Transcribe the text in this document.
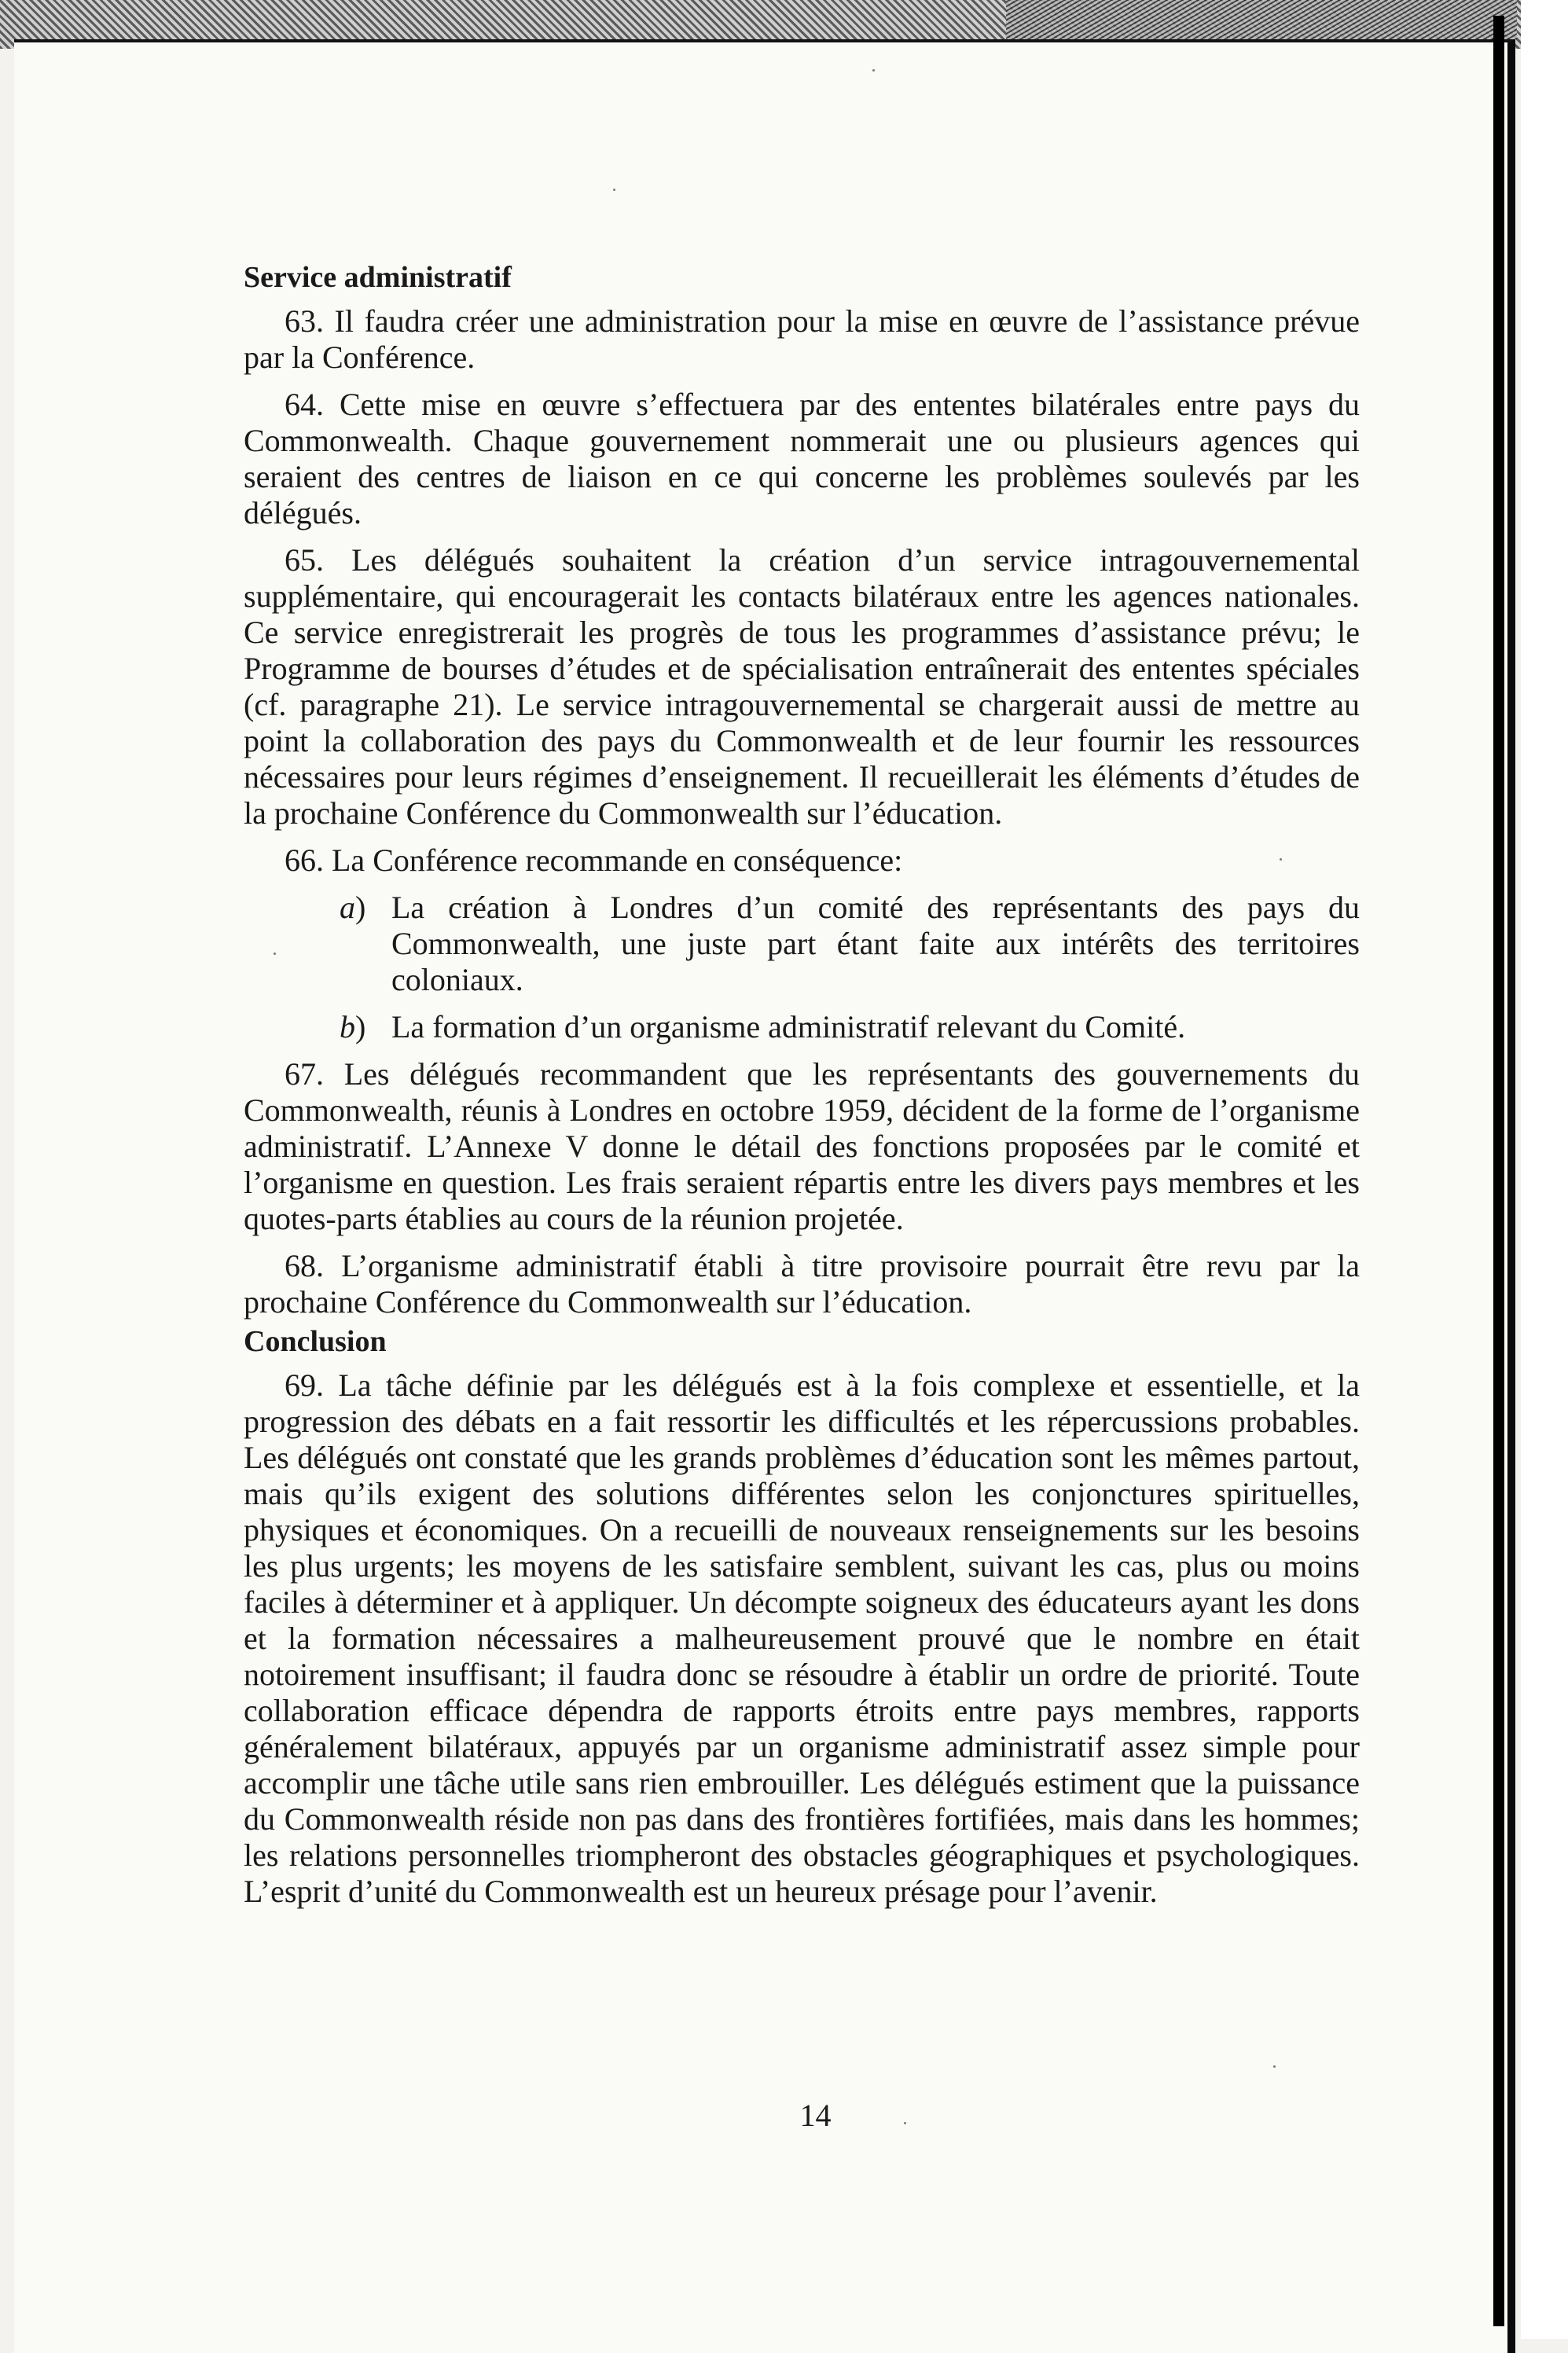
Service administratif

63. Il faudra créer une administration pour la mise en œuvre de l’assistance prévue par la Conférence.

64. Cette mise en œuvre s’effectuera par des ententes bilatérales entre pays du Commonwealth. Chaque gouvernement nommerait une ou plusieurs agences qui seraient des centres de liaison en ce qui concerne les problèmes soulevés par les délégués.

65. Les délégués souhaitent la création d’un service intragouvernemental supplémentaire, qui encouragerait les contacts bilatéraux entre les agences nationales. Ce service enregistrerait les progrès de tous les programmes d’assistance prévu; le Programme de bourses d’études et de spécialisation entraînerait des ententes spéciales (cf. paragraphe 21). Le service intragouvernemental se chargerait aussi de mettre au point la collaboration des pays du Commonwealth et de leur fournir les ressources nécessaires pour leurs régimes d’enseignement. Il recueillerait les éléments d’études de la prochaine Conférence du Commonwealth sur l’éducation.

66. La Conférence recommande en conséquence:

a) La création à Londres d’un comité des représentants des pays du Commonwealth, une juste part étant faite aux intérêts des territoires coloniaux.
b) La formation d’un organisme administratif relevant du Comité.

67. Les délégués recommandent que les représentants des gouvernements du Commonwealth, réunis à Londres en octobre 1959, décident de la forme de l’organisme administratif. L’Annexe V donne le détail des fonctions proposées par le comité et l’organisme en question. Les frais seraient répartis entre les divers pays membres et les quotes-parts établies au cours de la réunion projetée.

68. L’organisme administratif établi à titre provisoire pourrait être revu par la prochaine Conférence du Commonwealth sur l’éducation.

Conclusion

69. La tâche définie par les délégués est à la fois complexe et essentielle, et la progression des débats en a fait ressortir les difficultés et les répercussions probables. Les délégués ont constaté que les grands problèmes d’éducation sont les mêmes partout, mais qu’ils exigent des solutions différentes selon les conjonctures spirituelles, physiques et économiques. On a recueilli de nouveaux renseignements sur les besoins les plus urgents; les moyens de les satisfaire semblent, suivant les cas, plus ou moins faciles à déterminer et à appliquer. Un décompte soigneux des éducateurs ayant les dons et la formation nécessaires a malheureusement prouvé que le nombre en était notoirement insuffisant; il faudra donc se résoudre à établir un ordre de priorité. Toute collaboration efficace dépendra de rapports étroits entre pays membres, rapports généralement bilatéraux, appuyés par un organisme administratif assez simple pour accomplir une tâche utile sans rien embrouiller. Les délégués estiment que la puissance du Commonwealth réside non pas dans des frontières fortifiées, mais dans les hommes; les relations personnelles triompheront des obstacles géographiques et psychologiques. L’esprit d’unité du Commonwealth est un heureux présage pour l’avenir.

14
